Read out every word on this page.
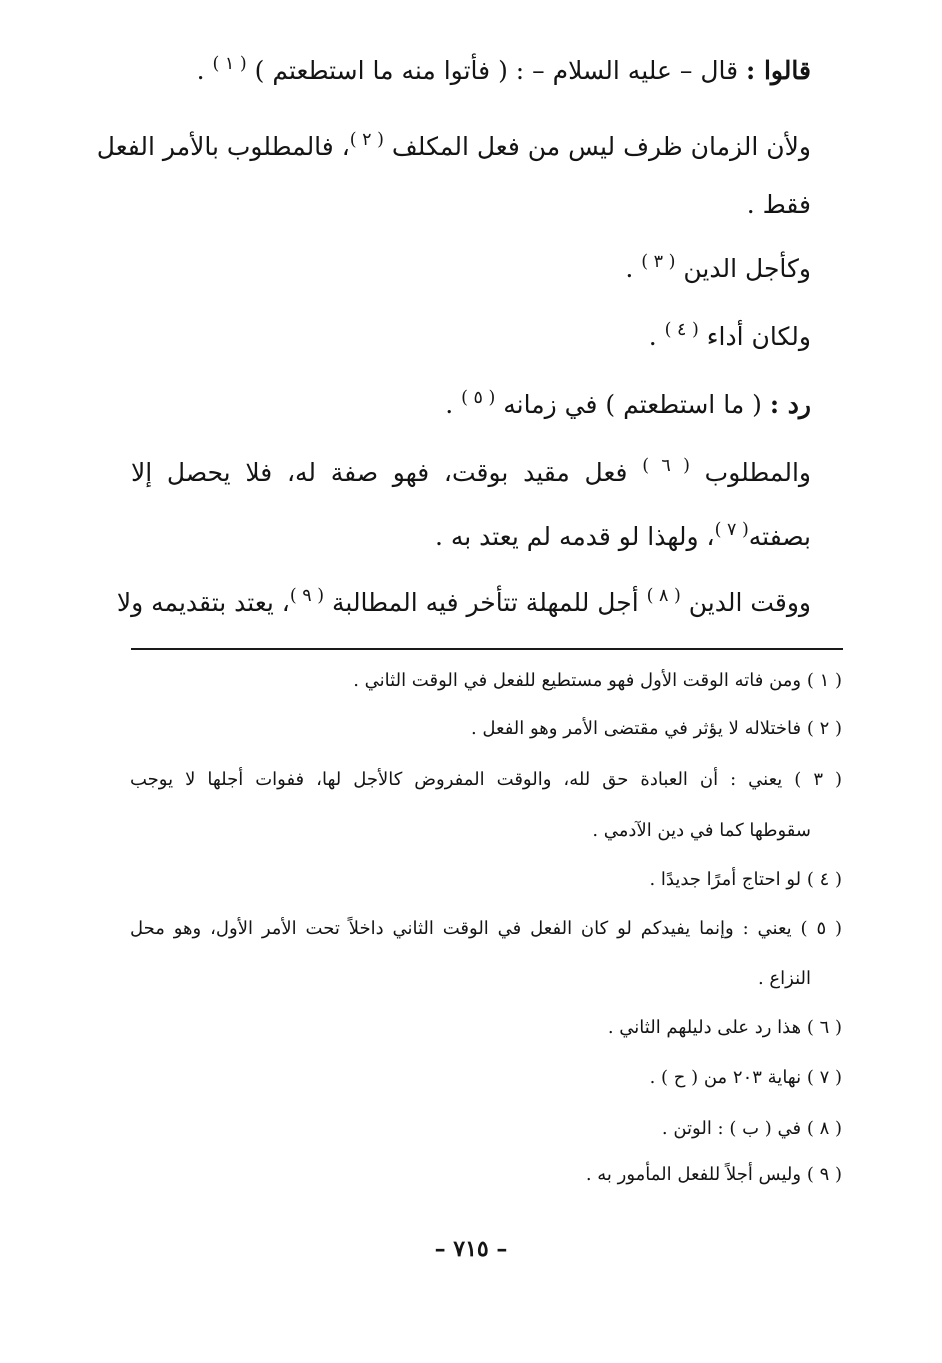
قالوا : قال – عليه السلام – : ( فأتوا منه ما استطعتم ) $^{( ١ )}$ .
ولأن الزمان ظرف ليس من فعل المكلف $^{( ٢ )}$، فالمطلوب بالأمر الفعل
فقط .
وكأجل الدين $^{( ٣ )}$ .
ولكان أداء $^{( ٤ )}$ .
رد : ( ما استطعتم ) في زمانه $^{( ٥ )}$ .
والمطلوب $^{( ٦ )}$ فعل مقيد بوقت، فهو صفة له، فلا يحصل إلا
بصفته$^{( ٧ )}$، ولهذا لو قدمه لم يعتد به .
ووقت الدين $^{( ٨ )}$ أجل للمهلة تتأخر فيه المطالبة $^{( ٩ )}$، يعتد بتقديمه ولا
( ١ ) ومن فاته الوقت الأول فهو مستطيع للفعل في الوقت الثاني .
( ٢ ) فاختلاله لا يؤثر في مقتضى الأمر وهو الفعل .
( ٣ ) يعني : أن العبادة حق لله، والوقت المفروض كالأجل لها، ففوات أجلها لا يوجب
سقوطها كما في دين الآدمي .
( ٤ ) لو احتاج أمرًا جديدًا .
( ٥ ) يعني : وإنما يفيدكم لو كان الفعل في الوقت الثاني داخلاً تحت الأمر الأول، وهو محل
النزاع .
( ٦ ) هذا رد على دليلهم الثاني .
( ٧ ) نهاية ٢٠٣ من ( ح ) .
( ٨ ) في ( ب ) : الوتن .
( ٩ ) وليس أجلاً للفعل المأمور به .
– ٧١٥ –
